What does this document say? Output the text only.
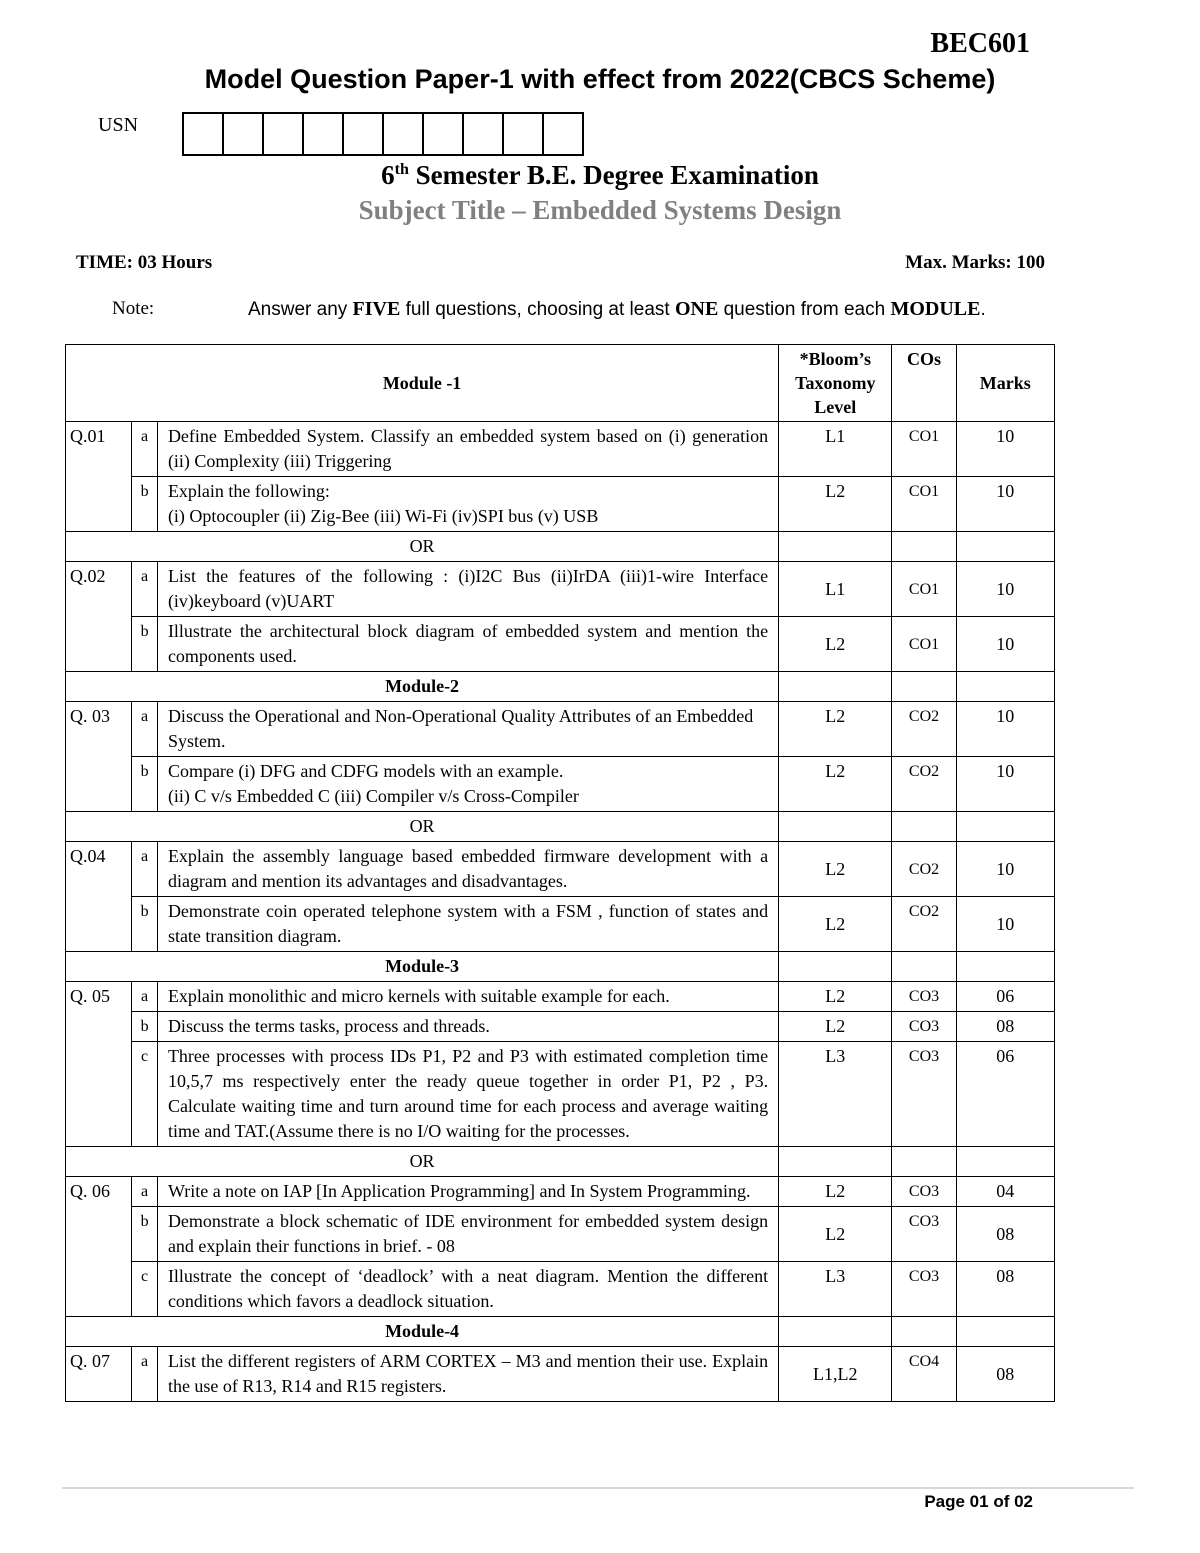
BEC601
Model Question Paper-1 with effect from 2022(CBCS Scheme)
USN
6th Semester B.E. Degree Examination
Subject Title – Embedded Systems Design
TIME: 03 Hours	Max. Marks: 100
Note:	Answer any FIVE full questions, choosing at least ONE question from each MODULE.
Module -1			*Bloom’s Taxonomy Level	COs	Marks
Q.01	a	Define Embedded System. Classify an embedded system based on (i) generation (ii) Complexity (iii) Triggering	L1	CO1	10
	b	Explain the following:
(i) Optocoupler (ii) Zig-Bee (iii) Wi-Fi (iv)SPI bus (v) USB	L2	CO1	10
OR					
Q.02	a	List the features of the following : (i)I2C Bus (ii)IrDA (iii)1-wire Interface (iv)keyboard (v)UART	L1	CO1	10
	b	Illustrate the architectural block diagram of embedded system and mention the components used.	L2	CO1	10
Module-2					
Q. 03	a	Discuss the Operational and Non-Operational Quality Attributes of an Embedded System.	L2	CO2	10
	b	Compare (i) DFG and CDFG models with an example.
(ii) C v/s Embedded C (iii) Compiler v/s Cross-Compiler	L2	CO2	10
OR					
Q.04	a	Explain the assembly language based embedded firmware development with a diagram and mention its advantages and disadvantages.	L2	CO2	10
	b	Demonstrate coin operated telephone system with a FSM , function of states and state transition diagram.	L2	CO2	10
Module-3					
Q. 05	a	Explain monolithic and micro kernels with suitable example for each.	L2	CO3	06
	b	Discuss the terms tasks, process and threads.	L2	CO3	08
	c	Three processes with process IDs P1, P2 and P3 with estimated completion time 10,5,7 ms respectively enter the ready queue together in order P1, P2 , P3. Calculate waiting time and turn around time for each process and average waiting time and TAT.(Assume there is no I/O waiting for the processes.	L3	CO3	06
OR					
Q. 06	a	Write a note on IAP [In Application Programming] and In System Programming.	L2	CO3	04
	b	Demonstrate a block schematic of IDE environment for embedded system design and explain their functions in brief. - 08	L2	CO3	08
	c	Illustrate the concept of ‘deadlock’ with a neat diagram. Mention the different conditions which favors a deadlock situation.	L3	CO3	08
Module-4					
Q. 07	a	List the different registers of ARM CORTEX – M3 and mention their use. Explain the use of R13, R14 and R15 registers.	L1,L2	CO4	08
Page 01 of 02
